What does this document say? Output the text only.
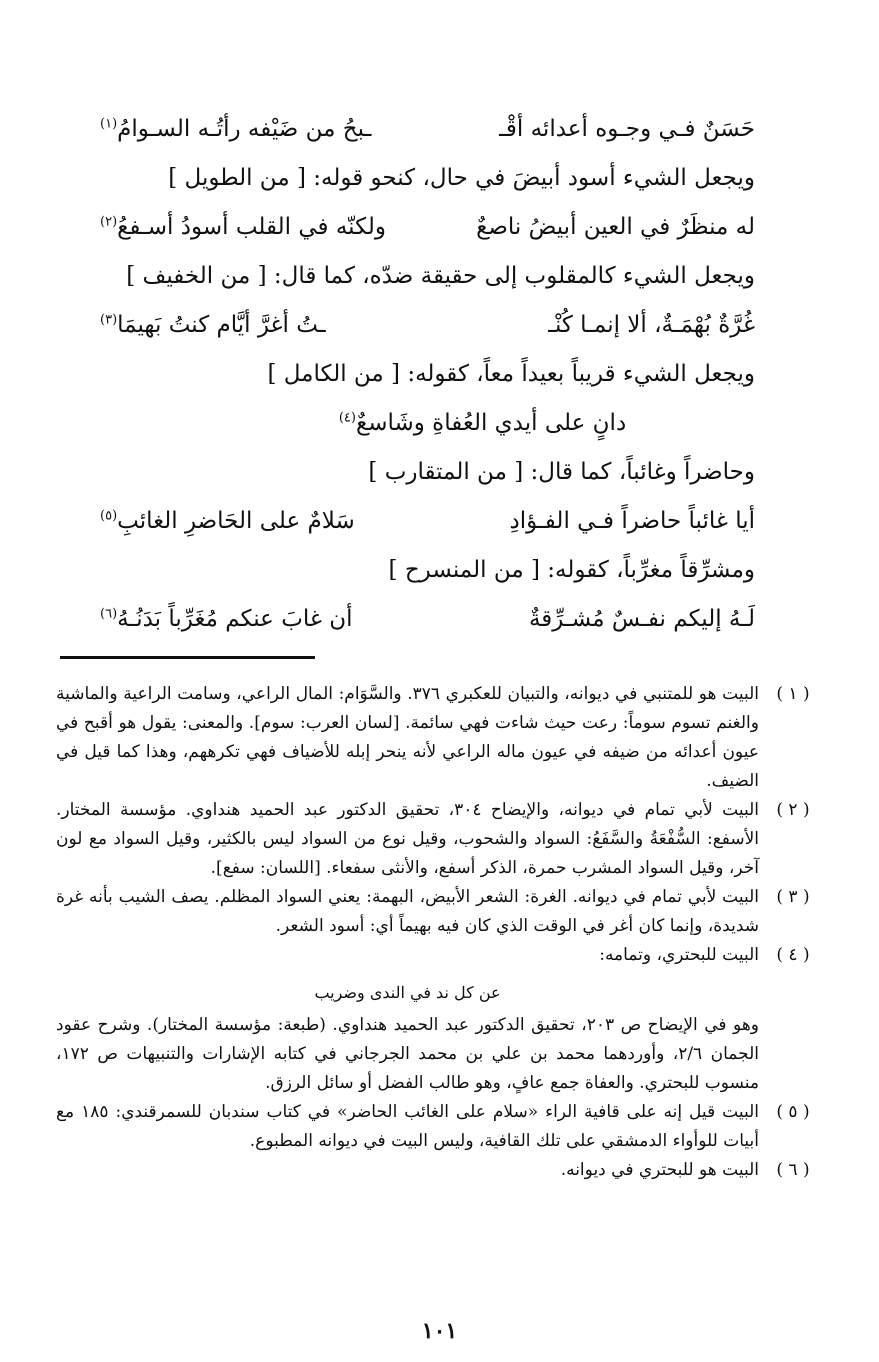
حَسَنٌ فـي وجـوه أعدائه أقْـ
ـبحُ من ضَيْفه رأتُـه السـوامُ$^{(١)}$
ويجعل الشيء أسود أبيضَ في حال، كنحو قوله: [ من الطويل ]
له منظَرٌ في العين أبيضُ ناصعٌ
ولكنّه في القلب أسودُ أسـفعُ$^{(٢)}$
ويجعل الشيء كالمقلوب إلى حقيقة ضدّه، كما قال: [ من الخفيف ]
غُرَّةٌ بُهْمَـةٌ، ألا إنمـا كُنْـ
ـتُ أغرَّ أيَّام كنتُ بَهيمَا$^{(٣)}$
ويجعل الشيء قريباً بعيداً معاً، كقوله: [ من الكامل ]
دانٍ على أيدي العُفاةِ وشَاسعٌ$^{(٤)}$
وحاضراً وغائباً، كما قال: [ من المتقارب ]
أيا غائباً حاضراً فـي الفـؤادِ
سَلامٌ على الحَاضرِ الغائبِ$^{(٥)}$
ومشرِّقاً مغرِّباً، كقوله: [ من المنسرح ]
لَـهُ إليكم نفـسٌ مُشـرِّقةٌ
أن غابَ عنكم مُغَرِّباً بَدَنُـهُ$^{(٦)}$
( ١ )

البيت هو للمتنبي في ديوانه، والتبيان للعكبري ٣٧٦. والسَّوَام: المال الراعي، وسامت الراعية والماشية والغنم تسوم سوماً: رعت حيث شاءت فهي سائمة. [لسان العرب: سوم]. والمعنى: يقول هو أقبح في عيون أعدائه من ضيفه في عيون ماله الراعي لأنه ينحر إبله للأضياف فهي تكرههم، وهذا كما قيل في الضيف.

( ٢ )

البيت لأبي تمام في ديوانه، والإيضاح ٣٠٤، تحقيق الدكتور عبد الحميد هنداوي. مؤسسة المختار. الأسفع: السُّفْعَةُ والسَّفَعُ: السواد والشحوب، وقيل نوع من السواد ليس بالكثير، وقيل السواد مع لون آخر، وقيل السواد المشرب حمرة، الذكر أسفع، والأنثى سفعاء. [اللسان: سفع].

( ٣ )

البيت لأبي تمام في ديوانه. الغرة: الشعر الأبيض، البهمة: يعني السواد المظلم. يصف الشيب بأنه غرة شديدة، وإنما كان أغر في الوقت الذي كان فيه بهيماً أي: أسود الشعر.

( ٤ )

البيت للبحتري، وتمامه:

عن كل ند في الندى وضريب

وهو في الإيضاح ص ٢٠٣، تحقيق الدكتور عبد الحميد هنداوي. (طبعة: مؤسسة المختار). وشرح عقود الجمان ٢/٦، وأوردهما محمد بن علي بن محمد الجرجاني في كتابه الإشارات والتنبيهات ص ١٧٢، منسوب للبحتري. والعفاة جمع عافٍ، وهو طالب الفضل أو سائل الرزق.

( ٥ )

البيت قيل إنه على قافية الراء «سلام على الغائب الحاضر» في كتاب سندبان للسمرقندي: ١٨٥ مع أبيات للوأواء الدمشقي على تلك القافية، وليس البيت في ديوانه المطبوع.

( ٦ )

البيت هو للبحتري في ديوانه.

١٠١
